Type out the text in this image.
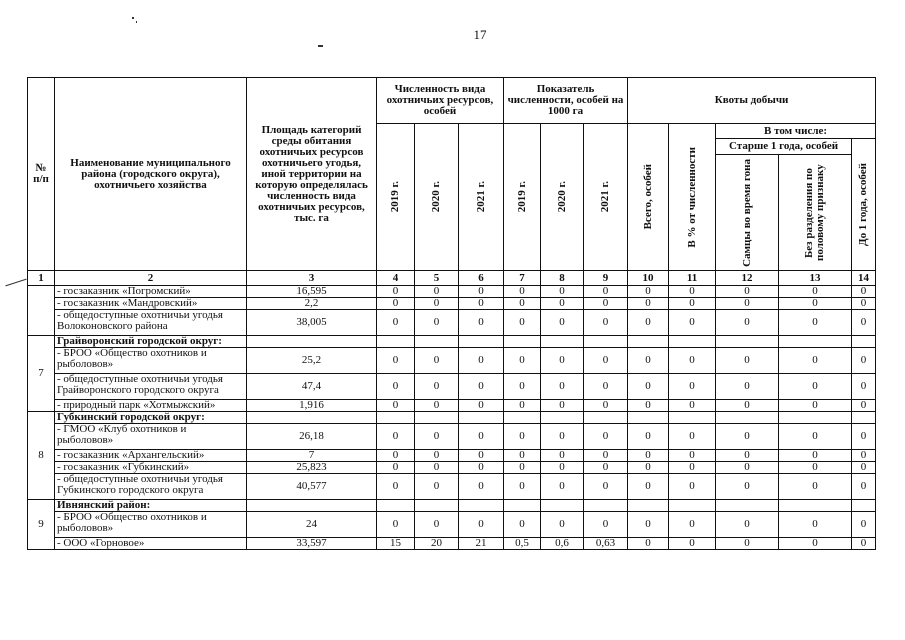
17
№ п/п	Наименование муниципального района (городского округа), охотничьего хозяйства	Площадь категорий среды обитания охотничьих ресурсов охотничьего угодья, иной территории на которую определялась численность вида охотничьих ресурсов, тыс. га	Численность вида охотничьих ресурсов, особей			Показатель численности, особей на 1000 га			Квоты добычи				

			2019 г.	2020 г.	2021 г.	2019 г.	2020 г.	2021 г.	Всего, особей	В % от численности	В том числе:		
											Старше 1 года, особей		До 1 года, особей

											Самцы во время гона	Без разделения по половому признаку	

1	2	3	4	5	6	7	8	9	10	11	12	13	14
	- госзаказник «Погромский»	16,595	0	0	0	0	0	0	0	0	0	0	0
	- госзаказник «Мандровский»	2,2	0	0	0	0	0	0	0	0	0	0	0
	- общедоступные охотничьи угодья Волоконовского района	38,005	0	0	0	0	0	0	0	0	0	0	0
7	Грайворонский городской округ:												
	- БРОО «Общество охотников и рыболовов»	25,2	0	0	0	0	0	0	0	0	0	0	0
	- общедоступные охотничьи угодья Грайворонского городского округа	47,4	0	0	0	0	0	0	0	0	0	0	0
	- природный парк «Хотмыжский»	1,916	0	0	0	0	0	0	0	0	0	0	0
8	Губкинский городской округ:												
	- ГМОО «Клуб охотников и рыболовов»	26,18	0	0	0	0	0	0	0	0	0	0	0
	- госзаказник «Архангельский»	7	0	0	0	0	0	0	0	0	0	0	0
	- госзаказник «Губкинский»	25,823	0	0	0	0	0	0	0	0	0	0	0
	- общедоступные охотничьи угодья Губкинского городского округа	40,577	0	0	0	0	0	0	0	0	0	0	0
9	Ивнянский район:												
	- БРОО «Общество охотников и рыболовов»	24	0	0	0	0	0	0	0	0	0	0	0
	- ООО «Горновое»	33,597	15	20	21	0,5	0,6	0,63	0	0	0	0	0
